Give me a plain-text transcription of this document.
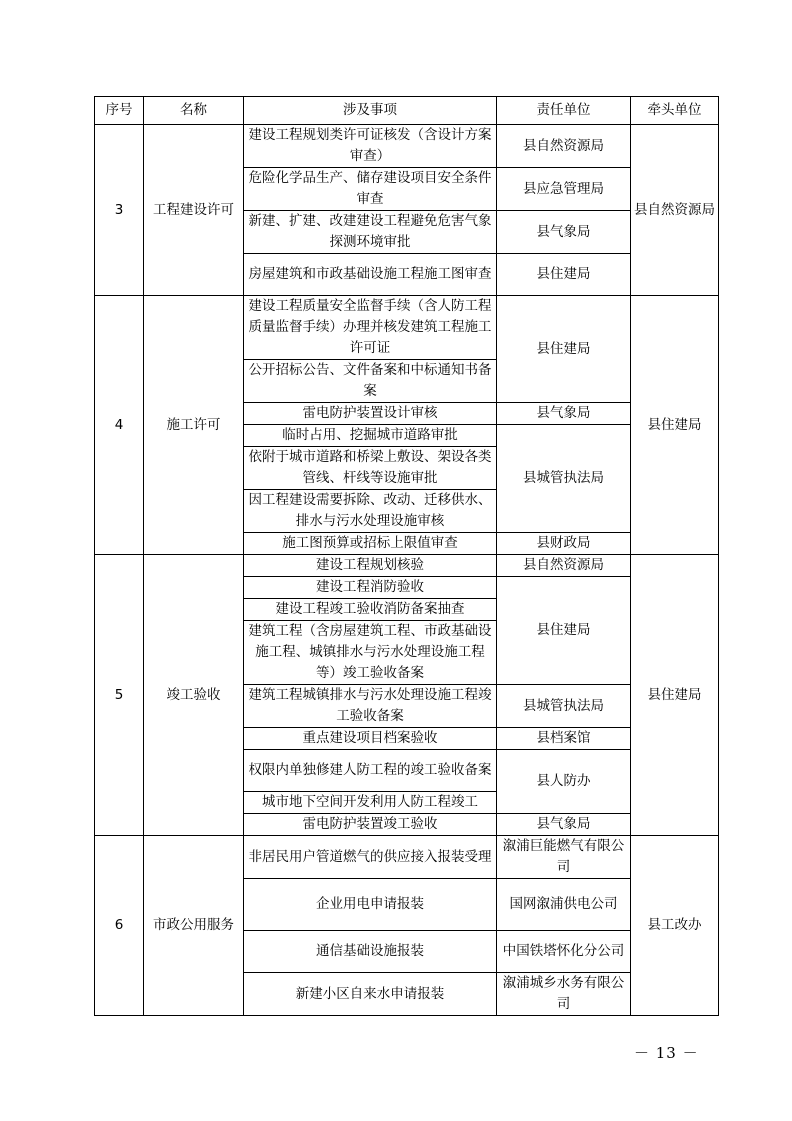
序号	名称	涉及事项	责任单位	牵头单位
3	工程建设许可	建设工程规划类许可证核发（含设计方案审查）	县自然资源局	县自然资源局
		危险化学品生产、储存建设项目安全条件审查	县应急管理局	
		新建、扩建、改建建设工程避免危害气象探测环境审批	县气象局	
		房屋建筑和市政基础设施工程施工图审查	县住建局	
4	施工许可	建设工程质量安全监督手续（含人防工程质量监督手续）办理并核发建筑工程施工许可证	县住建局	县住建局
		公开招标公告、文件备案和中标通知书备案		
		雷电防护装置设计审核	县气象局	
		临时占用、挖掘城市道路审批	县城管执法局	
		依附于城市道路和桥梁上敷设、架设各类管线、杆线等设施审批		
		因工程建设需要拆除、改动、迁移供水、排水与污水处理设施审核		
		施工图预算或招标上限值审查	县财政局	
5	竣工验收	建设工程规划核验	县自然资源局	县住建局
		建设工程消防验收	县住建局	
		建设工程竣工验收消防备案抽查		
		建筑工程（含房屋建筑工程、市政基础设施工程、城镇排水与污水处理设施工程等）竣工验收备案		
		建筑工程城镇排水与污水处理设施工程竣工验收备案	县城管执法局	
		重点建设项目档案验收	县档案馆	
		权限内单独修建人防工程的竣工验收备案	县人防办	
		城市地下空间开发利用人防工程竣工		
		雷电防护装置竣工验收	县气象局	
6	市政公用服务	非居民用户管道燃气的供应接入报装受理	溆浦巨能燃气有限公司	县工改办
		企业用电申请报装	国网溆浦供电公司	
		通信基础设施报装	中国铁塔怀化分公司	
		新建小区自来水申请报装	溆浦城乡水务有限公司	
－ 13 －
